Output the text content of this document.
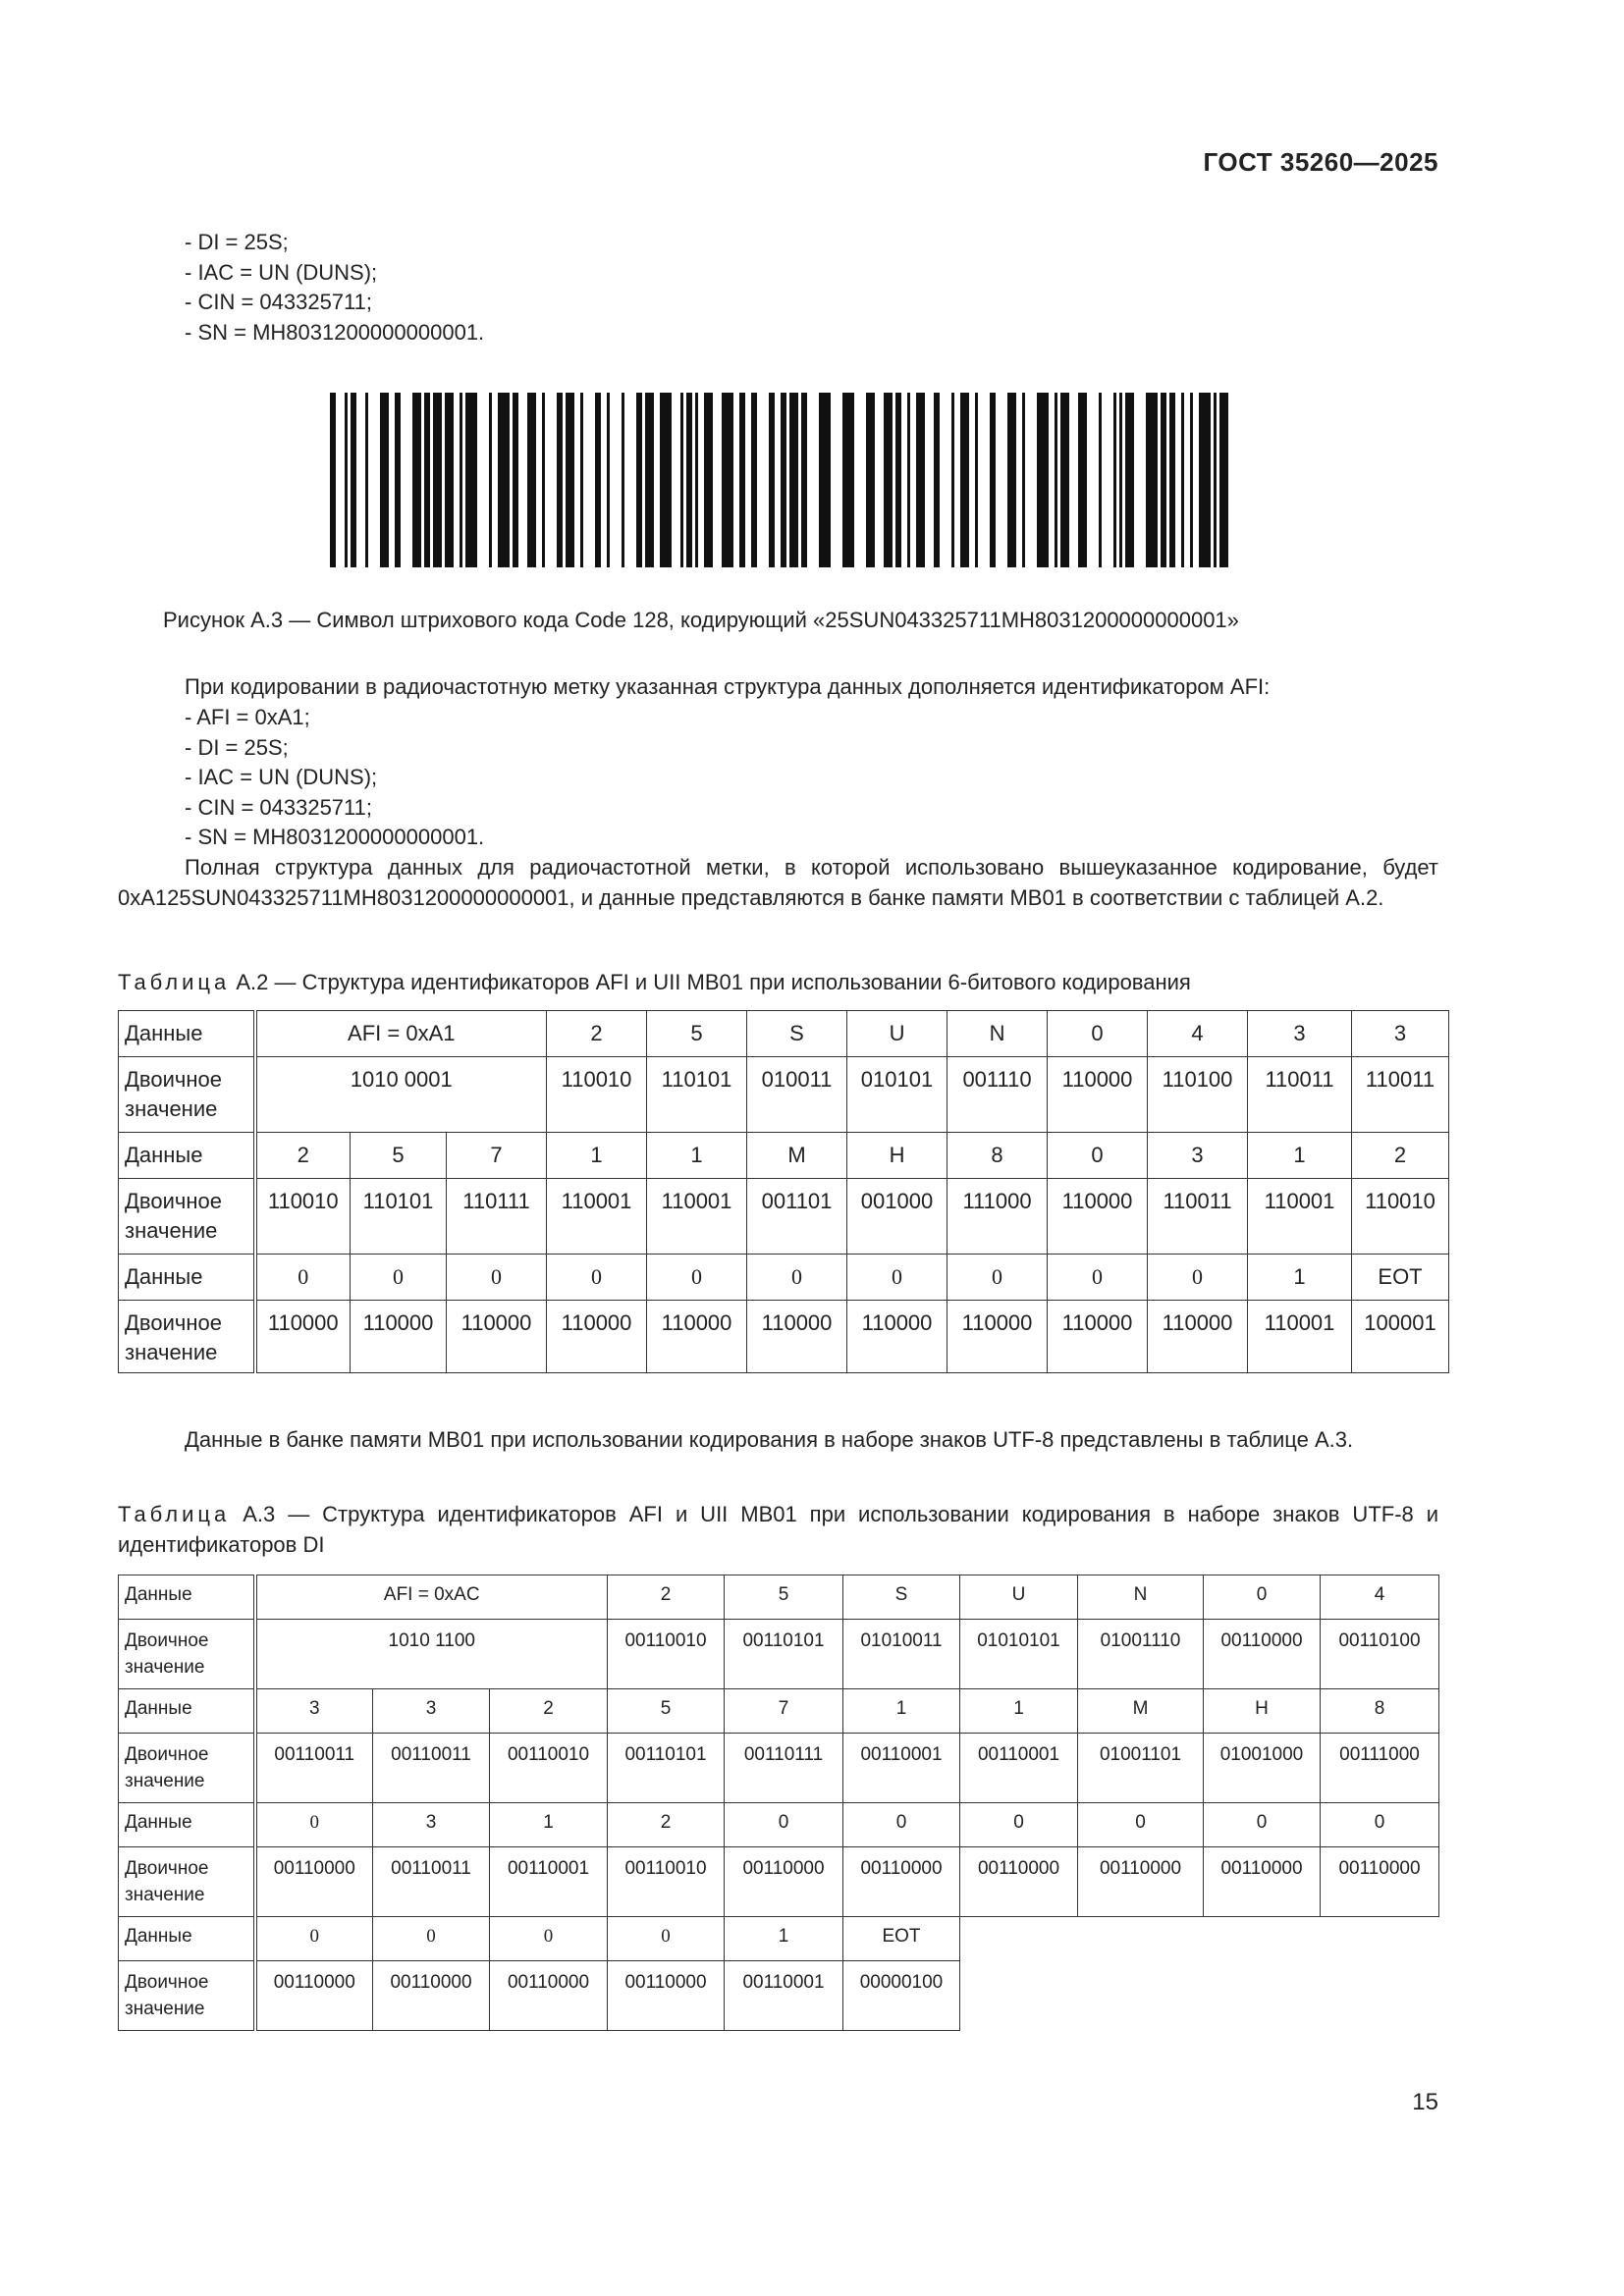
ГОСТ 35260—2025
- DI = 25S;
- IAC = UN (DUNS);
- CIN = 043325711;
- SN = MH8031200000000001.
Рисунок А.3 — Символ штрихового кода Code 128, кодирующий «25SUN043325711MH8031200000000001»
При кодировании в радиочастотную метку указанная структура данных дополняется идентификатором AFI:
- AFI = 0xA1;
- DI = 25S;
- IAC = UN (DUNS);
- CIN = 043325711;
- SN = MH8031200000000001.
Полная структура данных для радиочастотной метки, в которой использовано вышеуказанное кодирование, будет 0xA125SUN043325711MH8031200000000001, и данные представляются в банке памяти МВ01 в соответствии с таблицей А.2.
Таблица А.2 — Структура идентификаторов AFI и UII МВ01 при использовании 6-битового кодирования
Данные	AFI = 0xA1			2	5	S	U	N	0	4	3	3
Двоичное значение	1010 0001			110010	110101	010011	010101	001110	110000	110100	110011	110011
Данные	2	5	7	1	1	M	H	8	0	3	1	2
Двоичное значение	110010	110101	110111	110001	110001	001101	001000	111000	110000	110011	110001	110010
Данные	0	0	0	0	0	0	0	0	0	0	1	EOT
Двоичное значение	110000	110000	110000	110000	110000	110000	110000	110000	110000	110000	110001	100001
Данные в банке памяти МВ01 при использовании кодирования в наборе знаков UTF-8 представлены в таблице А.3.
Таблица А.3 — Структура идентификаторов AFI и UII МВ01 при использовании кодирования в наборе знаков UTF-8 и идентификаторов DI
Данные	AFI = 0xAC			2	5	S	U	N	0	4
Двоичное значение	1010 1100			00110010	00110101	01010011	01010101	01001110	00110000	00110100
Данные	3	3	2	5	7	1	1	M	H	8
Двоичное значение	00110011	00110011	00110010	00110101	00110111	00110001	00110001	01001101	01001000	00111000
Данные	0	3	1	2	0	0	0	0	0	0
Двоичное значение	00110000	00110011	00110001	00110010	00110000	00110000	00110000	00110000	00110000	00110000
Данные	0	0	0	0	1	EOT				
Двоичное значение	00110000	00110000	00110000	00110000	00110001	00000100				
15
